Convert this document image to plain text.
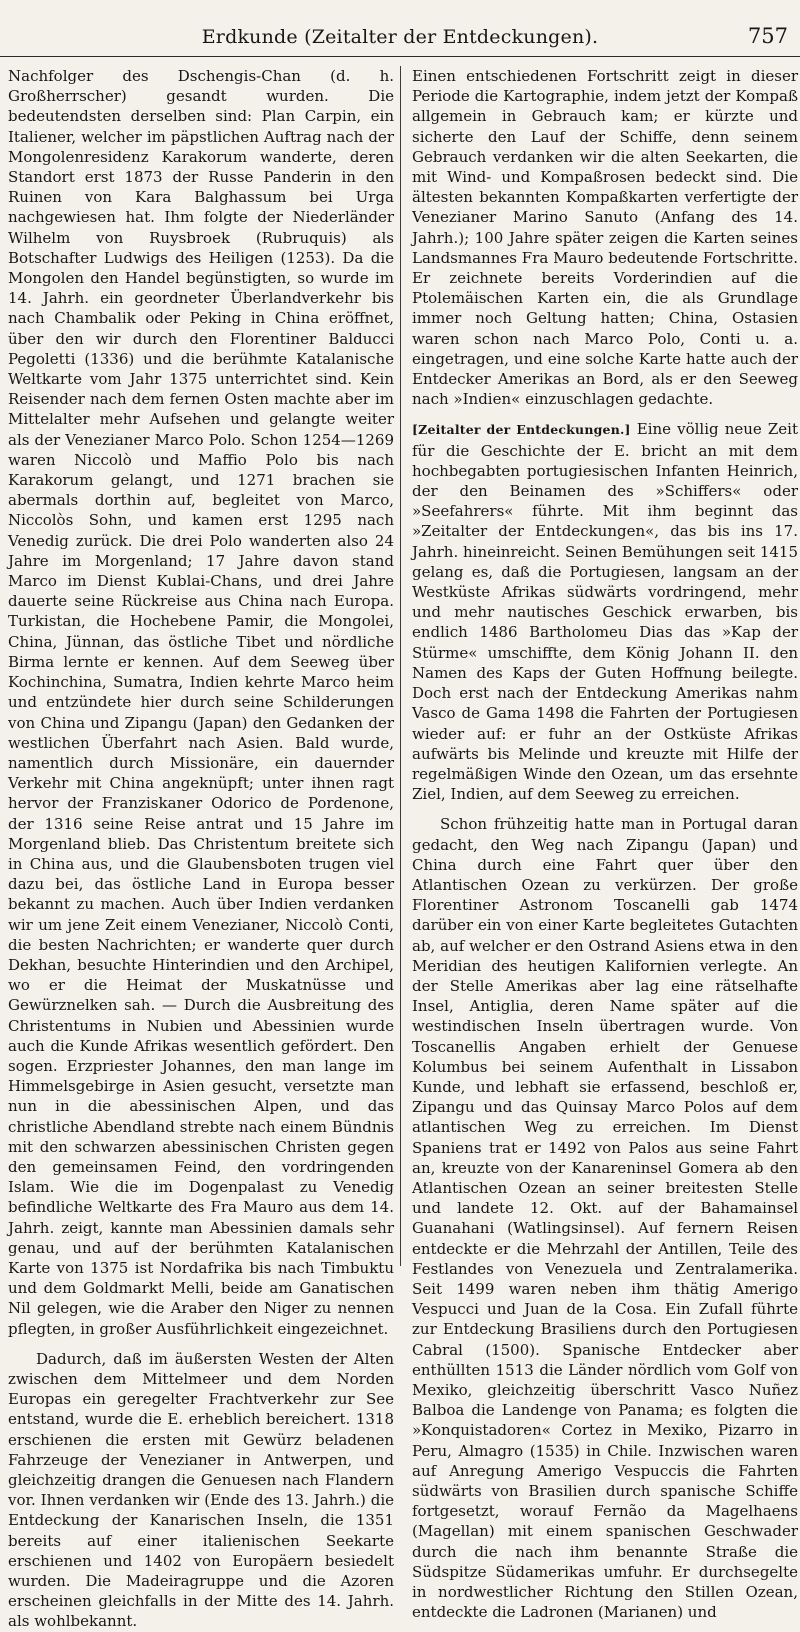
Erdkunde (Zeitalter der Entdeckungen).	757

Nachfolger des Dschengis-Chan (d. h. Großherrscher) gesandt wurden. Die bedeutendsten derselben sind: Plan Carpin, ein Italiener, welcher im päpstlichen Auftrag nach der Mongolenresidenz Karakorum wanderte, deren Standort erst 1873 der Russe Panderin in den Ruinen von Kara Balghassum bei Urga nachgewiesen hat. Ihm folgte der Niederländer Wilhelm von Ruysbroek (Rubruquis) als Botschafter Ludwigs des Heiligen (1253). Da die Mongolen den Handel begünstigten, so wurde im 14. Jahrh. ein geordneter Überlandverkehr bis nach Chambalik oder Peking in China eröffnet, über den wir durch den Florentiner Balducci Pegoletti (1336) und die berühmte Katalanische Weltkarte vom Jahr 1375 unterrichtet sind. Kein Reisender nach dem fernen Osten machte aber im Mittelalter mehr Aufsehen und gelangte weiter als der Venezianer Marco Polo. Schon 1254—1269 waren Niccolò und Maffio Polo bis nach Karakorum gelangt, und 1271 brachen sie abermals dorthin auf, begleitet von Marco, Niccolòs Sohn, und kamen erst 1295 nach Venedig zurück. Die drei Polo wanderten also 24 Jahre im Morgenland; 17 Jahre davon stand Marco im Dienst Kublai-Chans, und drei Jahre dauerte seine Rückreise aus China nach Europa. Turkistan, die Hochebene Pamir, die Mongolei, China, Jünnan, das östliche Tibet und nördliche Birma lernte er kennen. Auf dem Seeweg über Kochinchina, Sumatra, Indien kehrte Marco heim und entzündete hier durch seine Schilderungen von China und Zipangu (Japan) den Gedanken der westlichen Überfahrt nach Asien. Bald wurde, namentlich durch Missionäre, ein dauernder Verkehr mit China angeknüpft; unter ihnen ragt hervor der Franziskaner Odorico de Pordenone, der 1316 seine Reise antrat und 15 Jahre im Morgenland blieb. Das Christentum breitete sich in China aus, und die Glaubensboten trugen viel dazu bei, das östliche Land in Europa besser bekannt zu machen. Auch über Indien verdanken wir um jene Zeit einem Venezianer, Niccolò Conti, die besten Nachrichten; er wanderte quer durch Dekhan, besuchte Hinterindien und den Archipel, wo er die Heimat der Muskatnüsse und Gewürznelken sah. — Durch die Ausbreitung des Christentums in Nubien und Abessinien wurde auch die Kunde Afrikas wesentlich gefördert. Den sogen. Erzpriester Johannes, den man lange im Himmelsgebirge in Asien gesucht, versetzte man nun in die abessinischen Alpen, und das christliche Abendland strebte nach einem Bündnis mit den schwarzen abessinischen Christen gegen den gemeinsamen Feind, den vordringenden Islam. Wie die im Dogenpalast zu Venedig befindliche Weltkarte des Fra Mauro aus dem 14. Jahrh. zeigt, kannte man Abessinien damals sehr genau, und auf der berühmten Katalanischen Karte von 1375 ist Nordafrika bis nach Timbuktu und dem Goldmarkt Melli, beide am Ganatischen Nil gelegen, wie die Araber den Niger zu nennen pflegten, in großer Ausführlichkeit eingezeichnet.

Dadurch, daß im äußersten Westen der Alten zwischen dem Mittelmeer und dem Norden Europas ein geregelter Frachtverkehr zur See entstand, wurde die E. erheblich bereichert. 1318 erschienen die ersten mit Gewürz beladenen Fahrzeuge der Venezianer in Antwerpen, und gleichzeitig drangen die Genuesen nach Flandern vor. Ihnen verdanken wir (Ende des 13. Jahrh.) die Entdeckung der Kanarischen Inseln, die 1351 bereits auf einer italienischen Seekarte erschienen und 1402 von Europäern besiedelt wurden. Die Madeiragruppe und die Azoren erscheinen gleichfalls in der Mitte des 14. Jahrh. als wohlbekannt.

Einen entschiedenen Fortschritt zeigt in dieser Periode die Kartographie, indem jetzt der Kompaß allgemein in Gebrauch kam; er kürzte und sicherte den Lauf der Schiffe, denn seinem Gebrauch verdanken wir die alten Seekarten, die mit Wind- und Kompaßrosen bedeckt sind. Die ältesten bekannten Kompaßkarten verfertigte der Venezianer Marino Sanuto (Anfang des 14. Jahrh.); 100 Jahre später zeigen die Karten seines Landsmannes Fra Mauro bedeutende Fortschritte. Er zeichnete bereits Vorderindien auf die Ptolemäischen Karten ein, die als Grundlage immer noch Geltung hatten; China, Ostasien waren schon nach Marco Polo, Conti u. a. eingetragen, und eine solche Karte hatte auch der Entdecker Amerikas an Bord, als er den Seeweg nach »Indien« einzuschlagen gedachte.

[Zeitalter der Entdeckungen.] Eine völlig neue Zeit für die Geschichte der E. bricht an mit dem hochbegabten portugiesischen Infanten Heinrich, der den Beinamen des »Schiffers« oder »Seefahrers« führte. Mit ihm beginnt das »Zeitalter der Entdeckungen«, das bis ins 17. Jahrh. hineinreicht. Seinen Bemühungen seit 1415 gelang es, daß die Portugiesen, langsam an der Westküste Afrikas südwärts vordringend, mehr und mehr nautisches Geschick erwarben, bis endlich 1486 Bartholomeu Dias das »Kap der Stürme« umschiffte, dem König Johann II. den Namen des Kaps der Guten Hoffnung beilegte. Doch erst nach der Entdeckung Amerikas nahm Vasco de Gama 1498 die Fahrten der Portugiesen wieder auf: er fuhr an der Ostküste Afrikas aufwärts bis Melinde und kreuzte mit Hilfe der regelmäßigen Winde den Ozean, um das ersehnte Ziel, Indien, auf dem Seeweg zu erreichen.

Schon frühzeitig hatte man in Portugal daran gedacht, den Weg nach Zipangu (Japan) und China durch eine Fahrt quer über den Atlantischen Ozean zu verkürzen. Der große Florentiner Astronom Toscanelli gab 1474 darüber ein von einer Karte begleitetes Gutachten ab, auf welcher er den Ostrand Asiens etwa in den Meridian des heutigen Kalifornien verlegte. An der Stelle Amerikas aber lag eine rätselhafte Insel, Antiglia, deren Name später auf die westindischen Inseln übertragen wurde. Von Toscanellis Angaben erhielt der Genuese Kolumbus bei seinem Aufenthalt in Lissabon Kunde, und lebhaft sie erfassend, beschloß er, Zipangu und das Quinsay Marco Polos auf dem atlantischen Weg zu erreichen. Im Dienst Spaniens trat er 1492 von Palos aus seine Fahrt an, kreuzte von der Kanareninsel Gomera ab den Atlantischen Ozean an seiner breitesten Stelle und landete 12. Okt. auf der Bahamainsel Guanahani (Watlingsinsel). Auf fernern Reisen entdeckte er die Mehrzahl der Antillen, Teile des Festlandes von Venezuela und Zentralamerika. Seit 1499 waren neben ihm thätig Amerigo Vespucci und Juan de la Cosa. Ein Zufall führte zur Entdeckung Brasiliens durch den Portugiesen Cabral (1500). Spanische Entdecker aber enthüllten 1513 die Länder nördlich vom Golf von Mexiko, gleichzeitig überschritt Vasco Nuñez Balboa die Landenge von Panama; es folgten die »Konquistadoren« Cortez in Mexiko, Pizarro in Peru, Almagro (1535) in Chile. Inzwischen waren auf Anregung Amerigo Vespuccis die Fahrten südwärts von Brasilien durch spanische Schiffe fortgesetzt, worauf Fernão da Magelhaens (Magellan) mit einem spanischen Geschwader durch die nach ihm benannte Straße die Südspitze Südamerikas umfuhr. Er durchsegelte in nordwestlicher Richtung den Stillen Ozean, entdeckte die Ladronen (Marianen) und
